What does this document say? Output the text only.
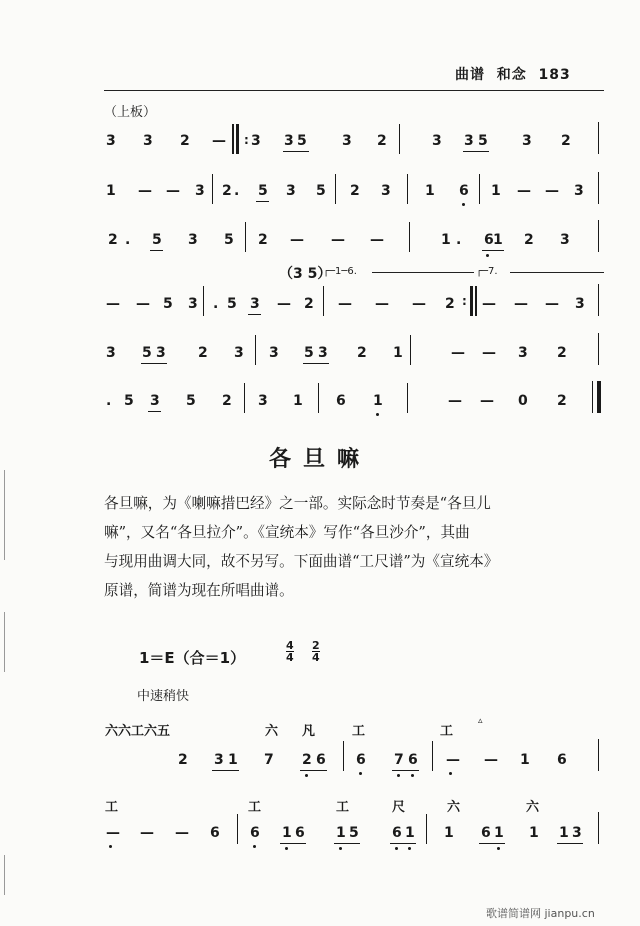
曲谱  和念  183
（上板）
3 3 2 — : 3 3 5	3 2	3 3 5 3 2
1 — — 3 2 . 5 3 5 2 3 1 6 1 — — 3
2 . 5 3 5 2 — — —	1 . 6 1 2 3
（3 5）
┌─1─6.	┌─7.
— — 5 3 . 5 3 — 2 — — — 2 : — — — 3
3 5 3 2 3 3 5 3 2 1	— — 3 2
. 5 3 5 2 3 1 6 1	— — 0 2
各旦嘛
各旦嘛，为《喇嘛措巴经》之一部。实际念时节奏是“各旦儿
嘛”，又名“各旦拉介”。《宣统本》写作“各旦沙介”，其曲
与现用曲调大同，故不另写。下面曲谱“工尺谱”为《宣统本》
原谱，简谱为现在所唱曲谱。
1＝E（合＝1）	$\frac{4}{4} \frac{2}{4}$
中速稍快
六六工六五	六 凡	工	工
▵
2 3 1 7 2 6 6 7 6 — — 1 6
工	工	工	尺	六	六
— — — 6 6 1 6 1 5 6 1 1 6 1 1 1 3
歌谱简谱网 jianpu.cn
